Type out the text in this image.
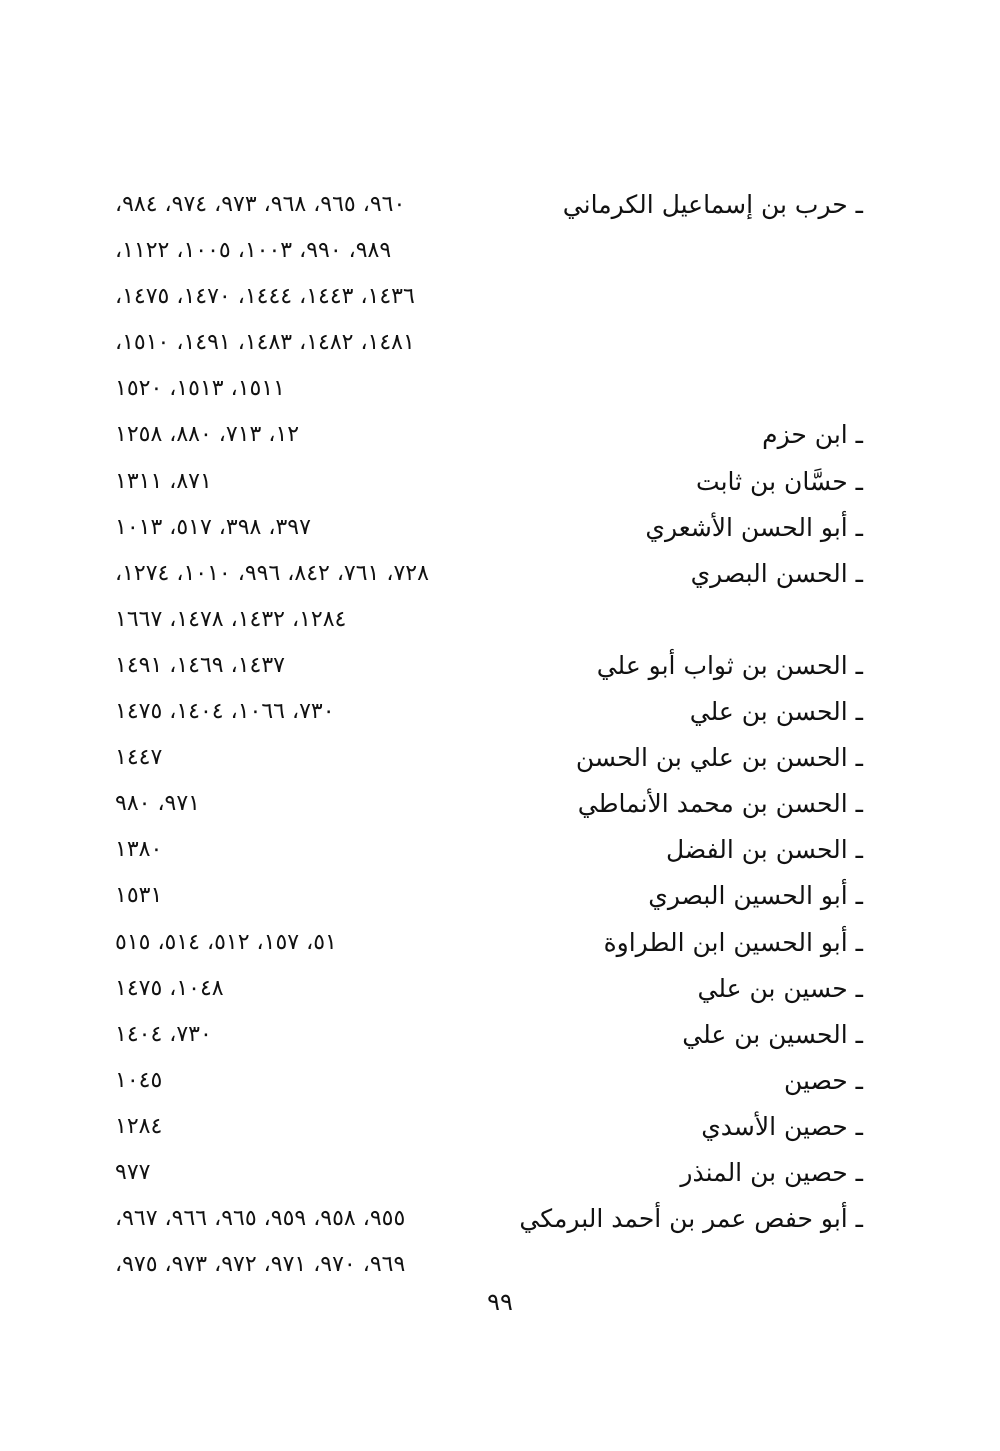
ـ حرب بن إسماعيل الكرماني
٩٦٠، ٩٦٥، ٩٦٨، ٩٧٣، ٩٧٤، ٩٨٤،
٩٨٩، ٩٩٠، ١٠٠٣، ١٠٠٥، ١١٢٢،
١٤٣٦، ١٤٤٣، ١٤٤٤، ١٤٧٠، ١٤٧٥،
١٤٨١، ١٤٨٢، ١٤٨٣، ١٤٩١، ١٥١٠،
١٥١١، ١٥١٣، ١٥٢٠
ـ ابن حزم
١٢، ٧١٣، ٨٨٠، ١٢٥٨
ـ حسَّان بن ثابت
٨٧١، ١٣١١
ـ أبو الحسن الأشعري
٣٩٧، ٣٩٨، ٥١٧، ١٠١٣
ـ الحسن البصري
٧٢٨، ٧٦١، ٨٤٢، ٩٩٦، ١٠١٠، ١٢٧٤،
١٢٨٤، ١٤٣٢، ١٤٧٨، ١٦٦٧
ـ الحسن بن ثواب أبو علي
١٤٣٧، ١٤٦٩، ١٤٩١
ـ الحسن بن علي
٧٣٠، ١٠٦٦، ١٤٠٤، ١٤٧٥
ـ الحسن بن علي بن الحسن
١٤٤٧
ـ الحسن بن محمد الأنماطي
٩٧١، ٩٨٠
ـ الحسن بن الفضل
١٣٨٠
ـ أبو الحسين البصري
١٥٣١
ـ أبو الحسين ابن الطراوة
٥١، ١٥٧، ٥١٢، ٥١٤، ٥١٥
ـ حسين بن علي
١٠٤٨، ١٤٧٥
ـ الحسين بن علي
٧٣٠، ١٤٠٤
ـ حصين
١٠٤٥
ـ حصين الأسدي
١٢٨٤
ـ حصين بن المنذر
٩٧٧
ـ أبو حفص عمر بن أحمد البرمكي
٩٥٥، ٩٥٨، ٩٥٩، ٩٦٥، ٩٦٦، ٩٦٧،
٩٦٩، ٩٧٠، ٩٧١، ٩٧٢، ٩٧٣، ٩٧٥،
٩٩
